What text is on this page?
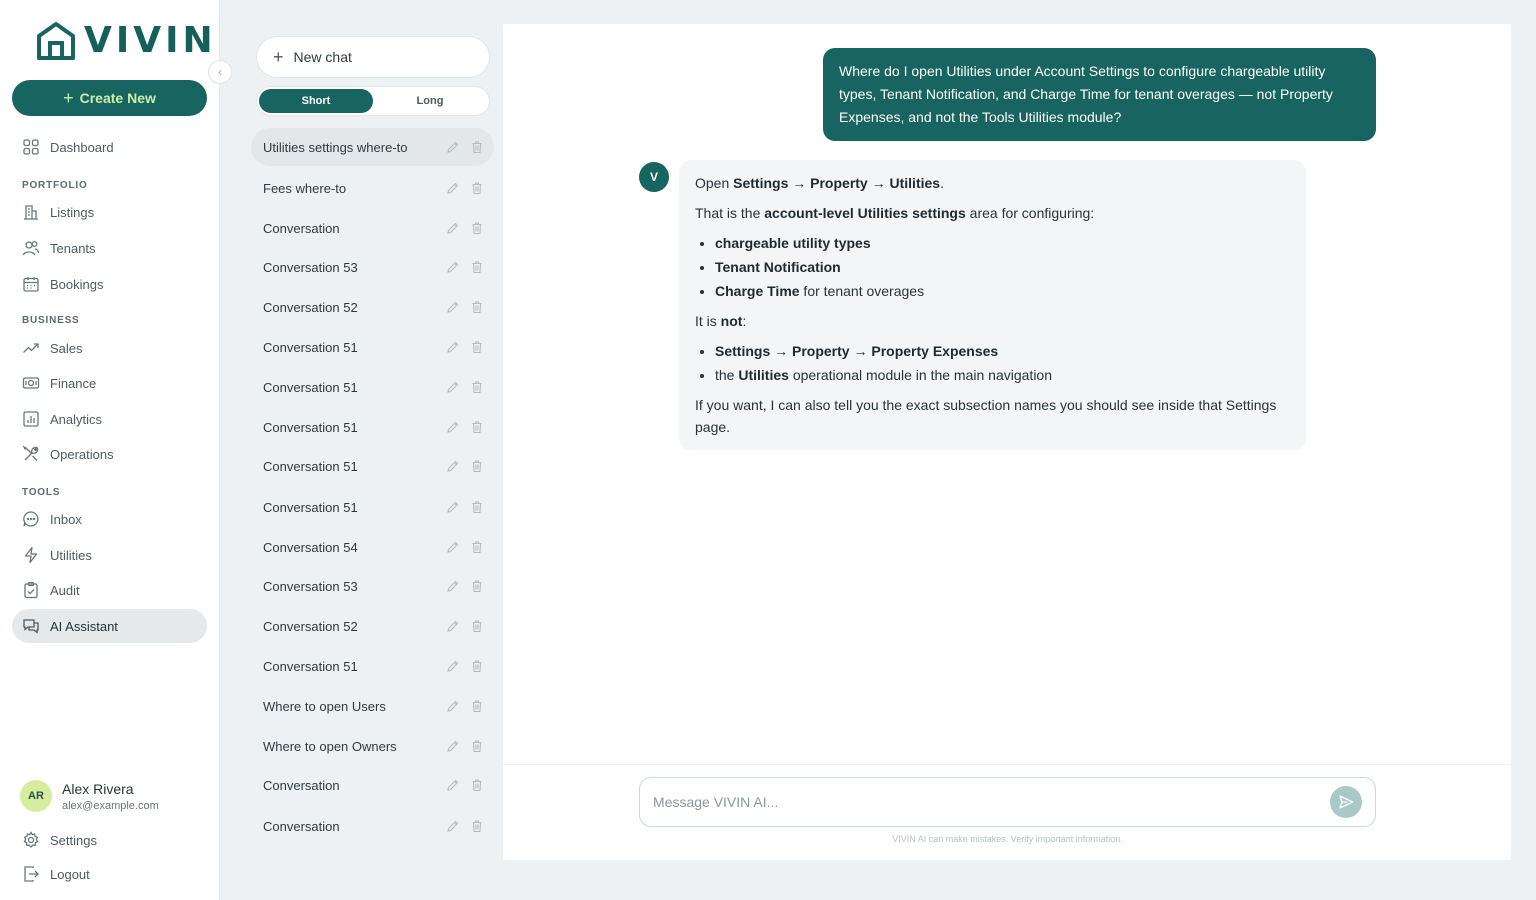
VIVIN
+ Create New
Dashboard
PORTFOLIO
Listings
Tenants
Bookings
BUSINESS
Sales
Finance
Analytics
Operations
TOOLS
Inbox
Utilities
Audit
AI Assistant
AR	Alex Rivera
alex@example.com
Settings
Logout
‹
+ New chat
Short	Long
Utilities settings where-to
Fees where-to
Conversation
Conversation 53
Conversation 52
Conversation 51
Conversation 51
Conversation 51
Conversation 51
Conversation 51
Conversation 54
Conversation 53
Conversation 52
Conversation 51
Where to open Users
Where to open Owners
Conversation
Conversation
Where do I open Utilities under Account Settings to configure chargeable utility types, Tenant Notification, and Charge Time for tenant overages — not Property Expenses, and not the Tools Utilities module?
V	Open Settings → Property → Utilities.

That is the account-level Utilities settings area for configuring:

• chargeable utility types
• Tenant Notification
• Charge Time for tenant overages

It is not:

• Settings → Property → Property Expenses
• the Utilities operational module in the main navigation

If you want, I can also tell you the exact subsection names you should see inside that Settings page.

Message VIVIN AI...
VIVIN AI can make mistakes. Verify important information.
